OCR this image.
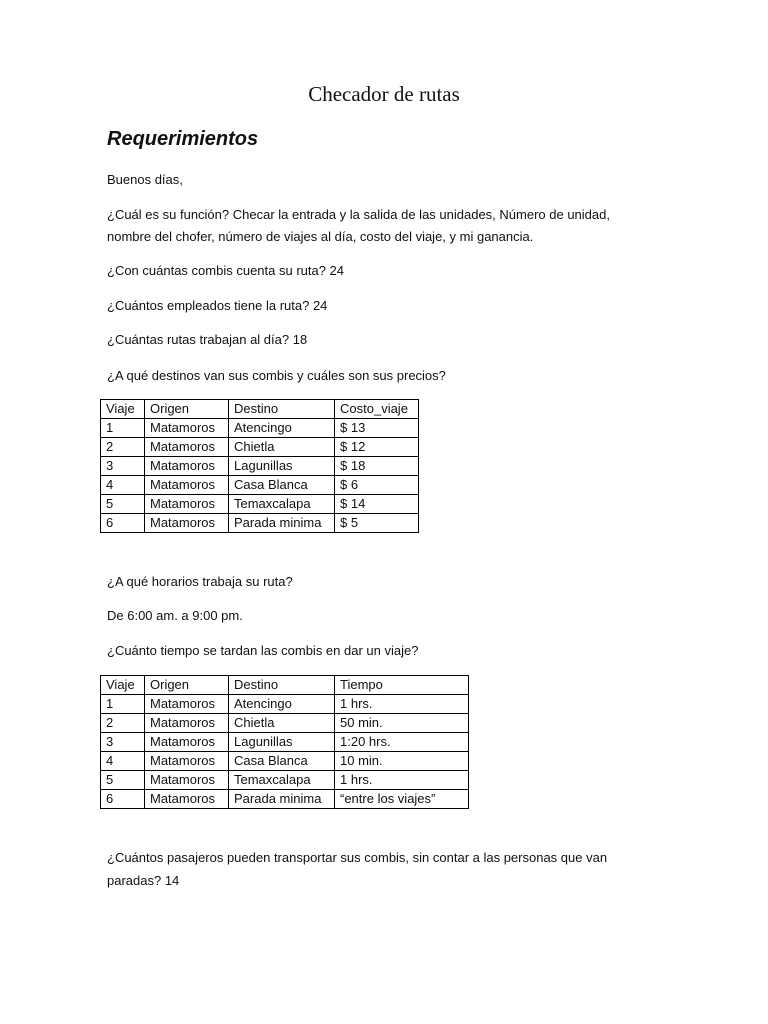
Checador de rutas
Requerimientos
Buenos días,
¿Cuál es su función? Checar la entrada y la salida de las unidades, Número de unidad,
nombre del chofer, número de viajes al día, costo del viaje, y mi ganancia.
¿Con cuántas combis cuenta su ruta? 24
¿Cuántos empleados tiene la ruta? 24
¿Cuántas rutas trabajan al día? 18
¿A qué destinos van sus combis y cuáles son sus precios?
Viaje	Origen	Destino	Costo_viaje
1	Matamoros	Atencingo	$ 13
2	Matamoros	Chietla	$ 12
3	Matamoros	Lagunillas	$ 18
4	Matamoros	Casa Blanca	$ 6
5	Matamoros	Temaxcalapa	$ 14
6	Matamoros	Parada minima	$ 5
¿A qué horarios trabaja su ruta?
De 6:00 am. a 9:00 pm.
¿Cuánto tiempo se tardan las combis en dar un viaje?
Viaje	Origen	Destino	Tiempo
1	Matamoros	Atencingo	1 hrs.
2	Matamoros	Chietla	50 min.
3	Matamoros	Lagunillas	1:20 hrs.
4	Matamoros	Casa Blanca	10 min.
5	Matamoros	Temaxcalapa	1 hrs.
6	Matamoros	Parada minima	“entre los viajes”
¿Cuántos pasajeros pueden transportar sus combis, sin contar a las personas que van
paradas? 14
